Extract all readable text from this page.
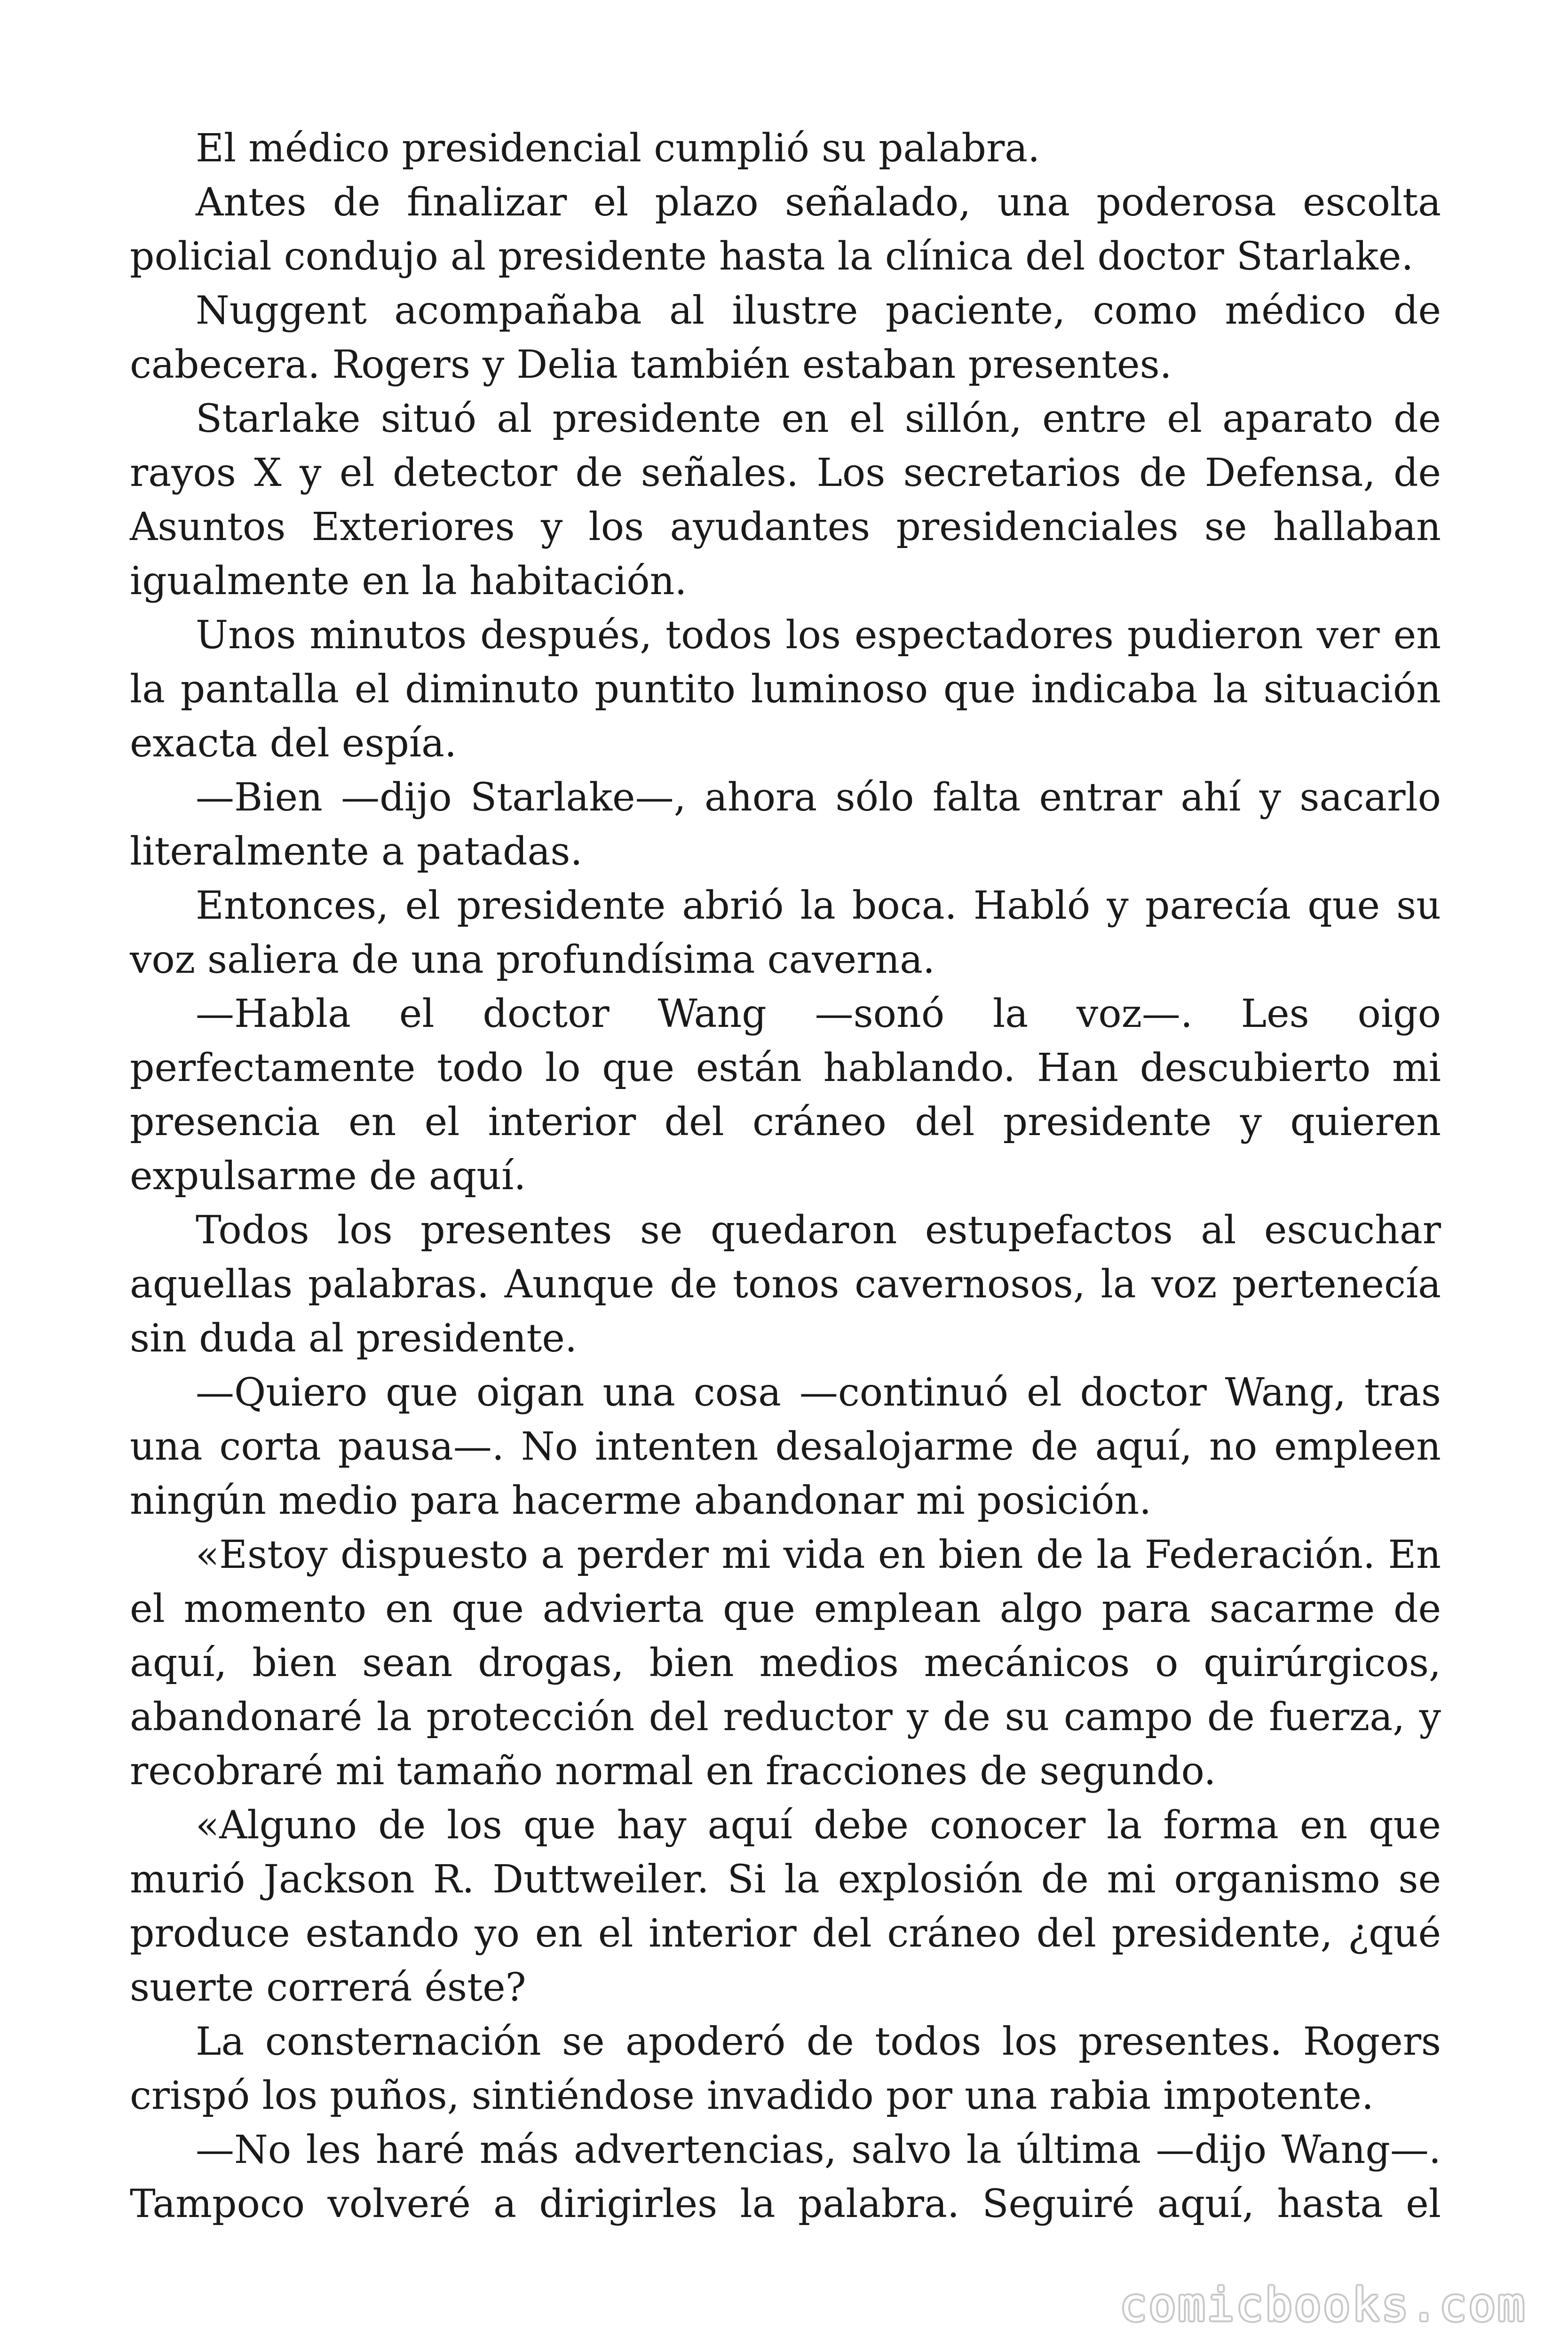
El médico presidencial cumplió su palabra.

Antes de finalizar el plazo señalado, una poderosa escolta policial condujo al presidente hasta la clínica del doctor Starlake.

Nuggent acompañaba al ilustre paciente, como médico de cabecera. Rogers y Delia también estaban presentes.

Starlake situó al presidente en el sillón, entre el aparato de rayos X y el detector de señales. Los secretarios de Defensa, de Asuntos Exteriores y los ayudantes presidenciales se hallaban igualmente en la habitación.

Unos minutos después, todos los espectadores pudieron ver en la pantalla el diminuto puntito luminoso que indicaba la situación exacta del espía.

—Bien —dijo Starlake—, ahora sólo falta entrar ahí y sacarlo literalmente a patadas.

Entonces, el presidente abrió la boca. Habló y parecía que su voz saliera de una profundísima caverna.

—Habla el doctor Wang —sonó la voz—. Les oigo perfectamente todo lo que están hablando. Han descubierto mi presencia en el interior del cráneo del presidente y quieren expulsarme de aquí.

Todos los presentes se quedaron estupefactos al escuchar aquellas palabras. Aunque de tonos cavernosos, la voz pertenecía sin duda al presidente.

—Quiero que oigan una cosa —continuó el doctor Wang, tras una corta pausa—. No intenten desalojarme de aquí, no empleen ningún medio para hacerme abandonar mi posición.

«Estoy dispuesto a perder mi vida en bien de la Federación. En el momento en que advierta que emplean algo para sacarme de aquí, bien sean drogas, bien medios mecánicos o quirúrgicos, abandonaré la protección del reductor y de su campo de fuerza, y recobraré mi tamaño normal en fracciones de segundo.

«Alguno de los que hay aquí debe conocer la forma en que murió Jackson R. Duttweiler. Si la explosión de mi organismo se produce estando yo en el interior del cráneo del presidente, ¿qué suerte correrá éste?

La consternación se apoderó de todos los presentes. Rogers crispó los puños, sintiéndose invadido por una rabia impotente.

—No les haré más advertencias, salvo la última —dijo Wang—. Tampoco volveré a dirigirles la palabra. Seguiré aquí, hasta el

comicbooks.com
